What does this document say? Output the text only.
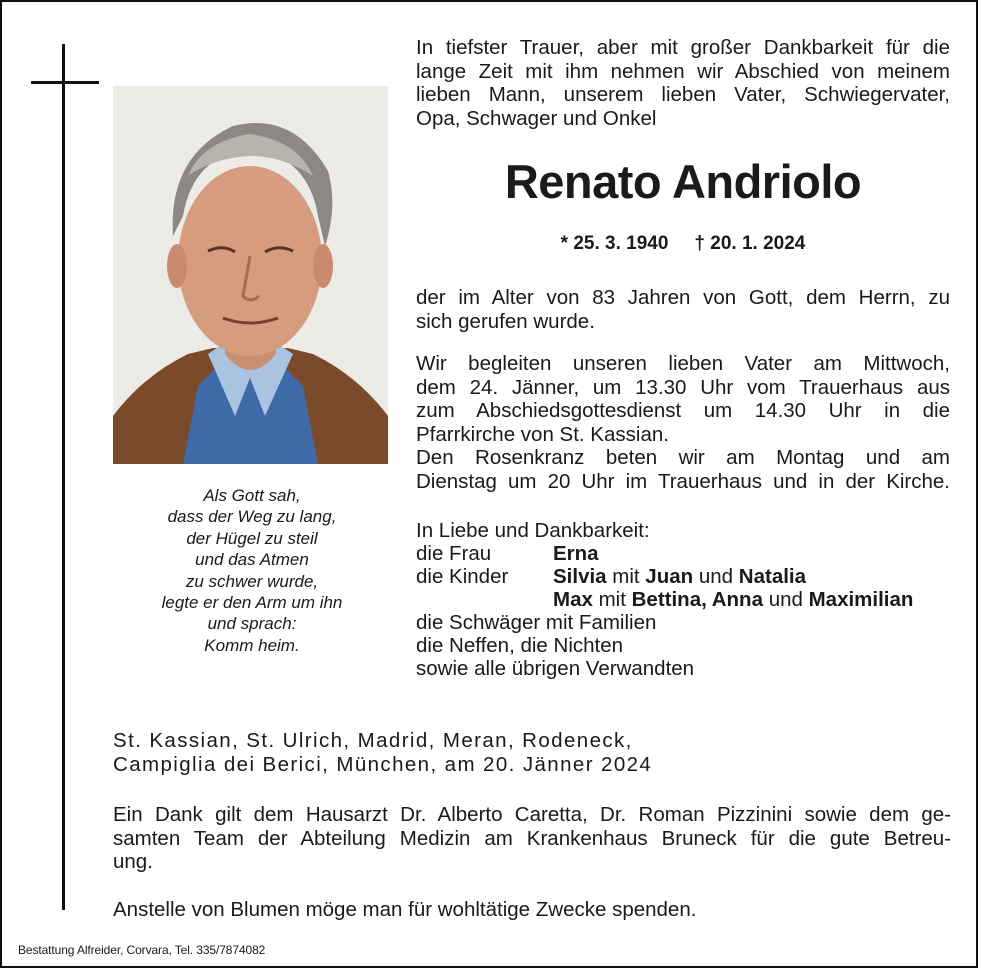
Als Gott sah,
dass der Weg zu lang,
der Hügel zu steil
und das Atmen
zu schwer wurde,
legte er den Arm um ihn
und sprach:
Komm heim.
In tiefster Trauer, aber mit großer Dankbarkeit für die
lange Zeit mit ihm nehmen wir Abschied von meinem
lieben Mann, unserem lieben Vater, Schwiegervater,
Opa, Schwager und Onkel
Renato Andriolo
* 25. 3. 1940 † 20. 1. 2024
der im Alter von 83 Jahren von Gott, dem Herrn, zu
sich gerufen wurde.
Wir begleiten unseren lieben Vater am Mittwoch,
dem 24. Jänner, um 13.30 Uhr vom Trauerhaus aus
zum Abschiedsgottesdienst um 14.30 Uhr in die
Pfarrkirche von St. Kassian.
Den Rosenkranz beten wir am Montag und am
Dienstag um 20 Uhr im Trauerhaus und in der Kirche.
In Liebe und Dankbarkeit:
die Frau	Erna
die Kinder Silvia mit Juan und Natalia
Max mit Bettina, Anna und Maximilian
die Schwäger mit Familien
die Neffen, die Nichten
sowie alle übrigen Verwandten
St. Kassian, St. Ulrich, Madrid, Meran, Rodeneck,
Campiglia dei Berici, München, am 20. Jänner 2024
Ein Dank gilt dem Hausarzt Dr. Alberto Caretta, Dr. Roman Pizzinini sowie dem ge-
samten Team der Abteilung Medizin am Krankenhaus Bruneck für die gute Betreu-
ung.
Anstelle von Blumen möge man für wohltätige Zwecke spenden.
Bestattung Alfreider, Corvara, Tel. 335/7874082
